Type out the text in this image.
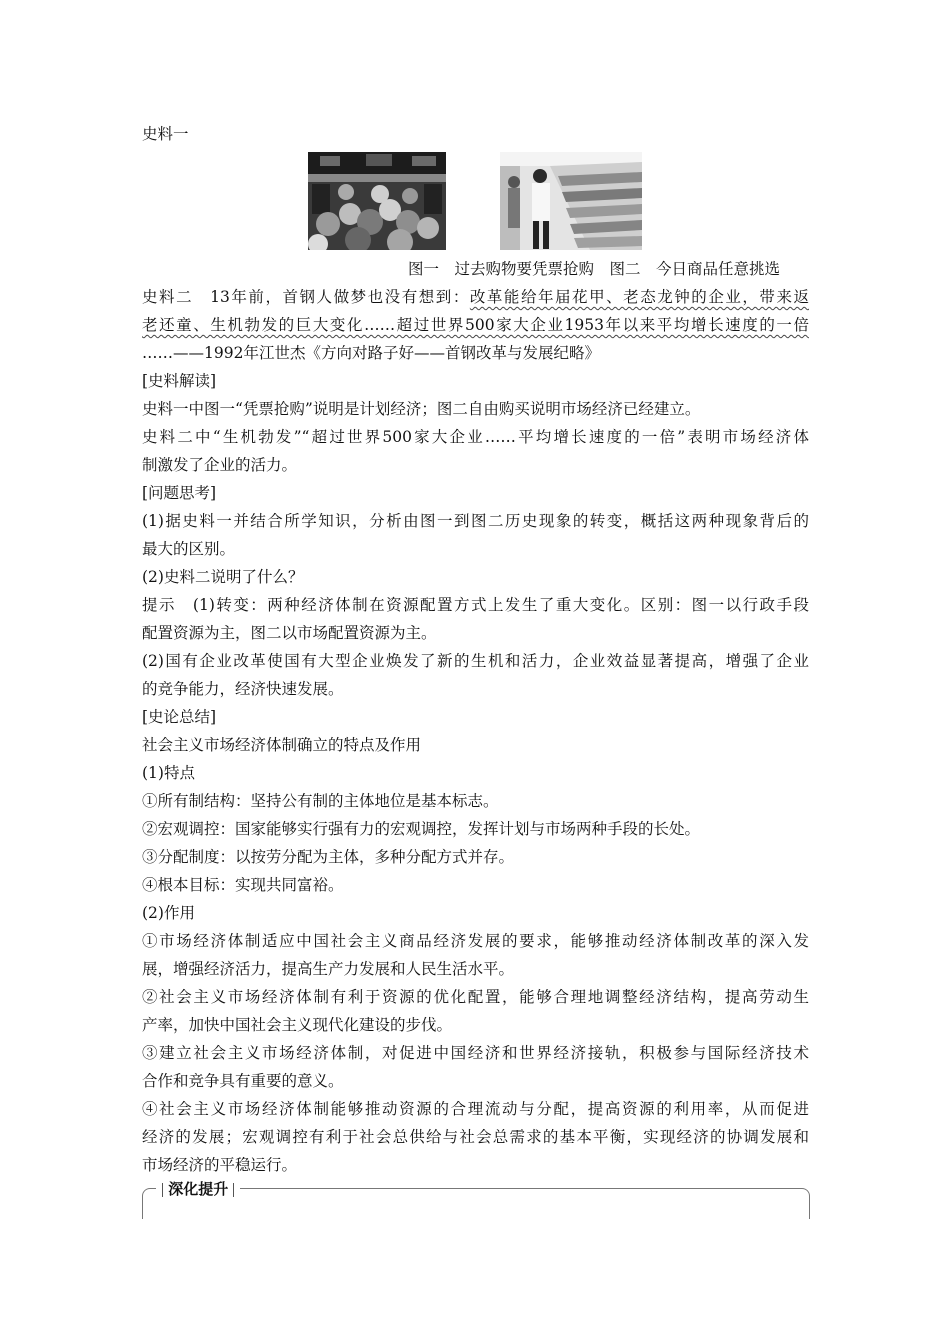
史料一
图一　过去购物要凭票抢购　图二　今日商品任意挑选
史料二　13年前，首钢人做梦也没有想到：改革能给年届花甲、老态龙钟的企业，带来返
老还童、生机勃发的巨大变化……超过世界500家大企业1953年以来平均增长速度的一倍
……——1992年江世杰《方向对路子好——首钢改革与发展纪略》
[史料解读]
史料一中图一“凭票抢购”说明是计划经济；图二自由购买说明市场经济已经建立。
史料二中“生机勃发”“超过世界500家大企业……平均增长速度的一倍”表明市场经济体
制激发了企业的活力。
[问题思考]
(1)据史料一并结合所学知识，分析由图一到图二历史现象的转变，概括这两种现象背后的
最大的区别。
(2)史料二说明了什么？
提示　(1)转变：两种经济体制在资源配置方式上发生了重大变化。区别：图一以行政手段
配置资源为主，图二以市场配置资源为主。
(2)国有企业改革使国有大型企业焕发了新的生机和活力，企业效益显著提高，增强了企业
的竞争能力，经济快速发展。
[史论总结]
社会主义市场经济体制确立的特点及作用
(1)特点
①所有制结构：坚持公有制的主体地位是基本标志。
②宏观调控：国家能够实行强有力的宏观调控，发挥计划与市场两种手段的长处。
③分配制度：以按劳分配为主体，多种分配方式并存。
④根本目标：实现共同富裕。
(2)作用
①市场经济体制适应中国社会主义商品经济发展的要求，能够推动经济体制改革的深入发
展，增强经济活力，提高生产力发展和人民生活水平。
②社会主义市场经济体制有利于资源的优化配置，能够合理地调整经济结构，提高劳动生
产率，加快中国社会主义现代化建设的步伐。
③建立社会主义市场经济体制，对促进中国经济和世界经济接轨，积极参与国际经济技术
合作和竞争具有重要的意义。
④社会主义市场经济体制能够推动资源的合理流动与分配，提高资源的利用率，从而促进
经济的发展；宏观调控有利于社会总供给与社会总需求的基本平衡，实现经济的协调发展和
市场经济的平稳运行。
深化提升
